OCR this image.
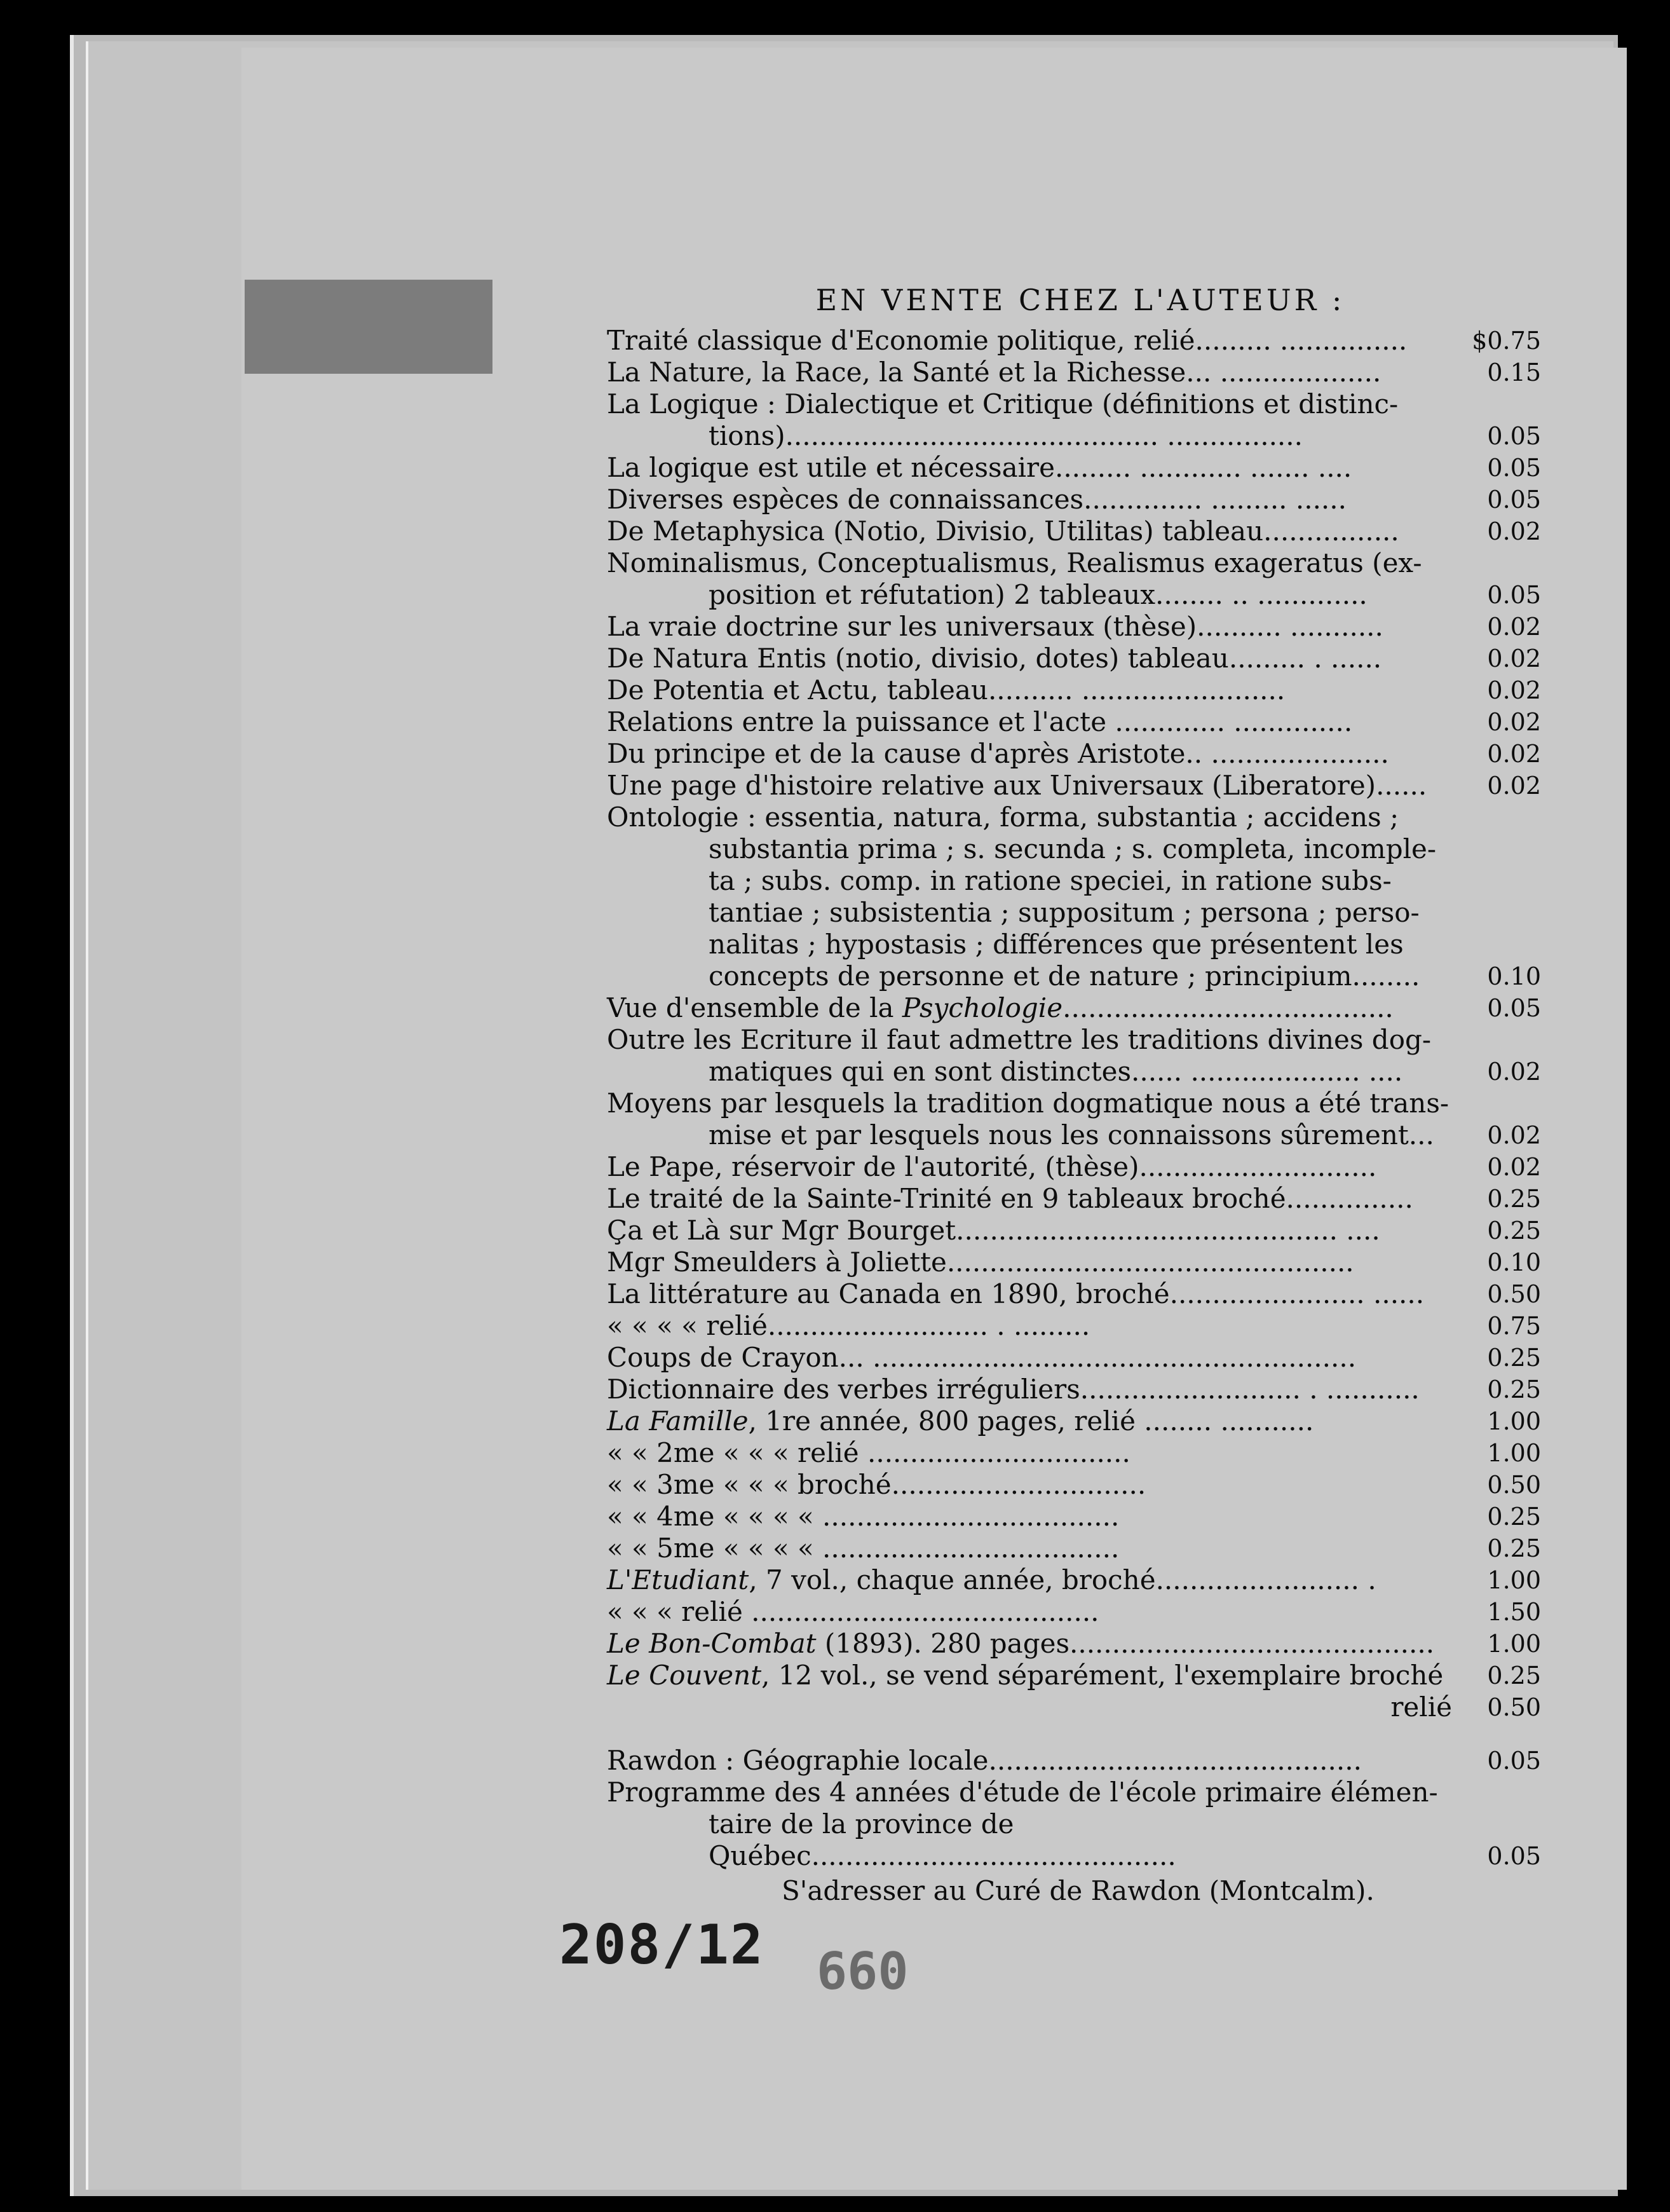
EN VENTE CHEZ L'AUTEUR :
Traité classique d'Economie politique, relié......... ...............	$0.75
La Nature, la Race, la Santé et la Richesse... ...................	0.15
La Logique : Dialectique et Critique (définitions et distinc-
tions)............................................ ................	0.05
La logique est utile et nécessaire......... ............ ....... ....	0.05
Diverses espèces de connaissances.............. ......... ......	0.05
De Metaphysica (Notio, Divisio, Utilitas) tableau................	0.02
Nominalismus, Conceptualismus, Realismus exageratus (ex-
position et réfutation) 2 tableaux........ .. .............	0.05
La vraie doctrine sur les universaux (thèse).......... ...........	0.02
De Natura Entis (notio, divisio, dotes) tableau......... . ......	0.02
De Potentia et Actu, tableau.......... ........................	0.02
Relations entre la puissance et l'acte ............. ..............	0.02
Du principe et de la cause d'après Aristote.. .....................	0.02
Une page d'histoire relative aux Universaux (Liberatore)......	0.02
Ontologie : essentia, natura, forma, substantia ; accidens ;
substantia prima ; s. secunda ; s. completa, incomple-
ta ; subs. comp. in ratione speciei, in ratione subs-
tantiae ; subsistentia ; suppositum ; persona ; perso-
nalitas ; hypostasis ; différences que présentent les
concepts de personne et de nature ; principium........	0.10
Vue d'ensemble de la Psychologie.......................................	0.05
Outre les Ecriture il faut admettre les traditions divines dog-
matiques qui en sont distinctes...... .................... ....	0.02
Moyens par lesquels la tradition dogmatique nous a été trans-
mise et par lesquels nous les connaissons sûrement...	0.02
Le Pape, réservoir de l'autorité, (thèse)............................	0.02
Le traité de la Sainte-Trinité en 9 tableaux broché...............	0.25
Ça et Là sur Mgr Bourget............................................. ....	0.25
Mgr Smeulders à Joliette................................................	0.10
La littérature au Canada en 1890, broché....................... ......	0.50
« « « « relié.......................... . .........	0.75
Coups de Crayon... .........................................................	0.25
Dictionnaire des verbes irréguliers.......................... . ...........	0.25
La Famille, 1re année, 800 pages, relié ........ ...........	1.00
« « 2me « « « relié ...............................	1.00
« « 3me « « « broché..............................	0.50
« « 4me « « « « ...................................	0.25
« « 5me « « « « ...................................	0.25
L'Etudiant, 7 vol., chaque année, broché........................ .	1.00
« « « relié .........................................	1.50
Le Bon-Combat (1893). 280 pages...........................................	1.00
Le Couvent, 12 vol., se vend séparément, l'exemplaire broché	0.25
relié	0.50
Rawdon : Géographie locale............................................	0.05
Programme des 4 années d'étude de l'école primaire élémen-
taire de la province de Québec...........................................	0.05
S'adresser au Curé de Rawdon (Montcalm).
208/12 660
